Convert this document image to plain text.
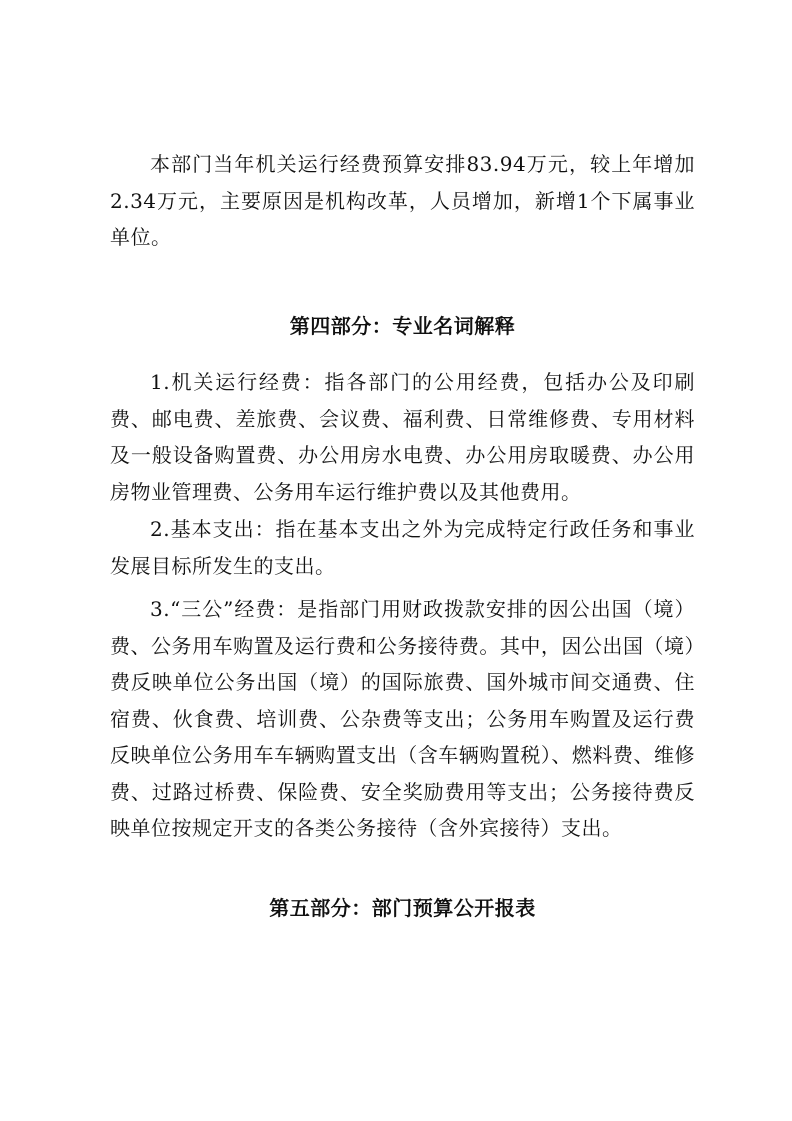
本部门当年机关运行经费预算安排83.94万元，较上年增加2.34万元，主要原因是机构改革，人员增加，新增1个下属事业单位。

第四部分：专业名词解释

1.机关运行经费：指各部门的公用经费，包括办公及印刷费、邮电费、差旅费、会议费、福利费、日常维修费、专用材料及一般设备购置费、办公用房水电费、办公用房取暖费、办公用房物业管理费、公务用车运行维护费以及其他费用。

2.基本支出：指在基本支出之外为完成特定行政任务和事业发展目标所发生的支出。

3.“三公”经费：是指部门用财政拨款安排的因公出国（境）费、公务用车购置及运行费和公务接待费。其中，因公出国（境）费反映单位公务出国（境）的国际旅费、国外城市间交通费、住宿费、伙食费、培训费、公杂费等支出；公务用车购置及运行费反映单位公务用车车辆购置支出（含车辆购置税）、燃料费、维修费、过路过桥费、保险费、安全奖励费用等支出；公务接待费反映单位按规定开支的各类公务接待（含外宾接待）支出。

第五部分：部门预算公开报表
